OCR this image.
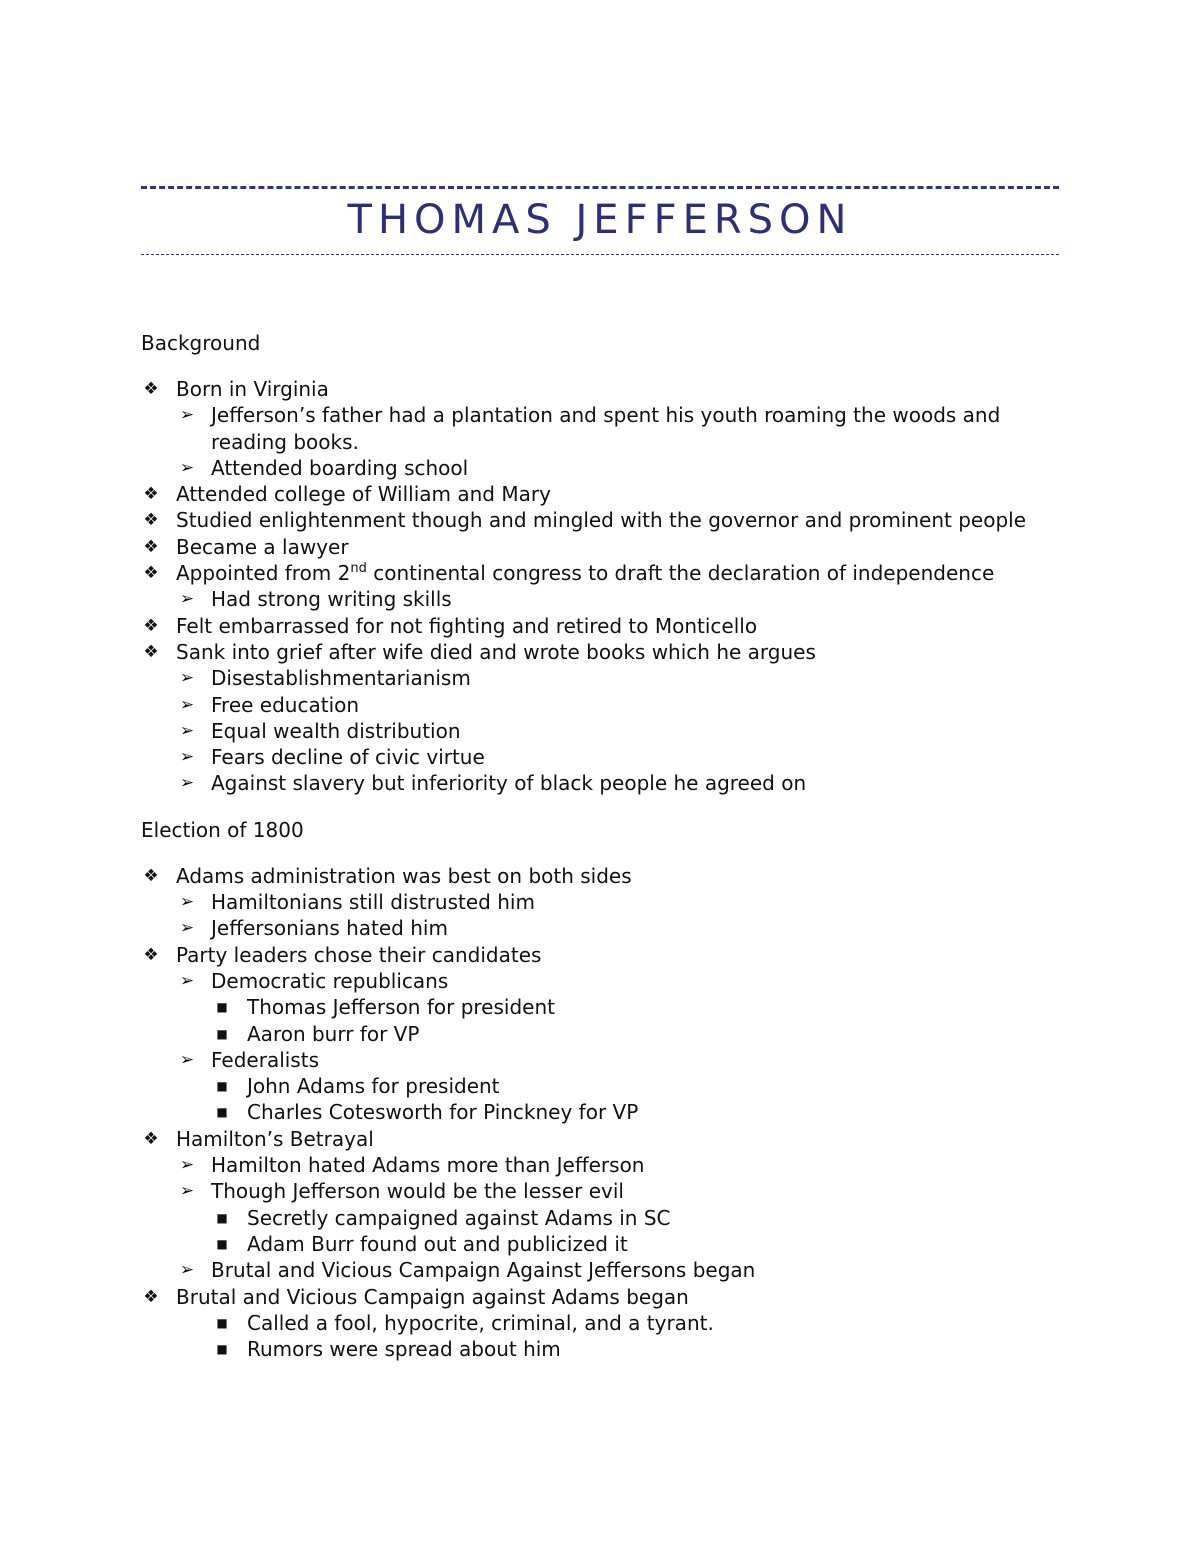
THOMAS JEFFERSON

Background

❖ Born in Virginia
➢ Jefferson’s father had a plantation and spent his youth roaming the woods and reading books.
➢ Attended boarding school
❖ Attended college of William and Mary
❖ Studied enlightenment though and mingled with the governor and prominent people
❖ Became a lawyer
❖ Appointed from 2nd continental congress to draft the declaration of independence
➢ Had strong writing skills
❖ Felt embarrassed for not fighting and retired to Monticello
❖ Sank into grief after wife died and wrote books which he argues
➢ Disestablishmentarianism
➢ Free education
➢ Equal wealth distribution
➢ Fears decline of civic virtue
➢ Against slavery but inferiority of black people he agreed on

Election of 1800

❖ Adams administration was best on both sides
➢ Hamiltonians still distrusted him
➢ Jeffersonians hated him
❖ Party leaders chose their candidates
➢ Democratic republicans
■ Thomas Jefferson for president
■ Aaron burr for VP
➢ Federalists
■ John Adams for president
■ Charles Cotesworth for Pinckney for VP
❖ Hamilton’s Betrayal
➢ Hamilton hated Adams more than Jefferson
➢ Though Jefferson would be the lesser evil
■ Secretly campaigned against Adams in SC
■ Adam Burr found out and publicized it
➢ Brutal and Vicious Campaign Against Jeffersons began
❖ Brutal and Vicious Campaign against Adams began
■ Called a fool, hypocrite, criminal, and a tyrant.
■ Rumors were spread about him
